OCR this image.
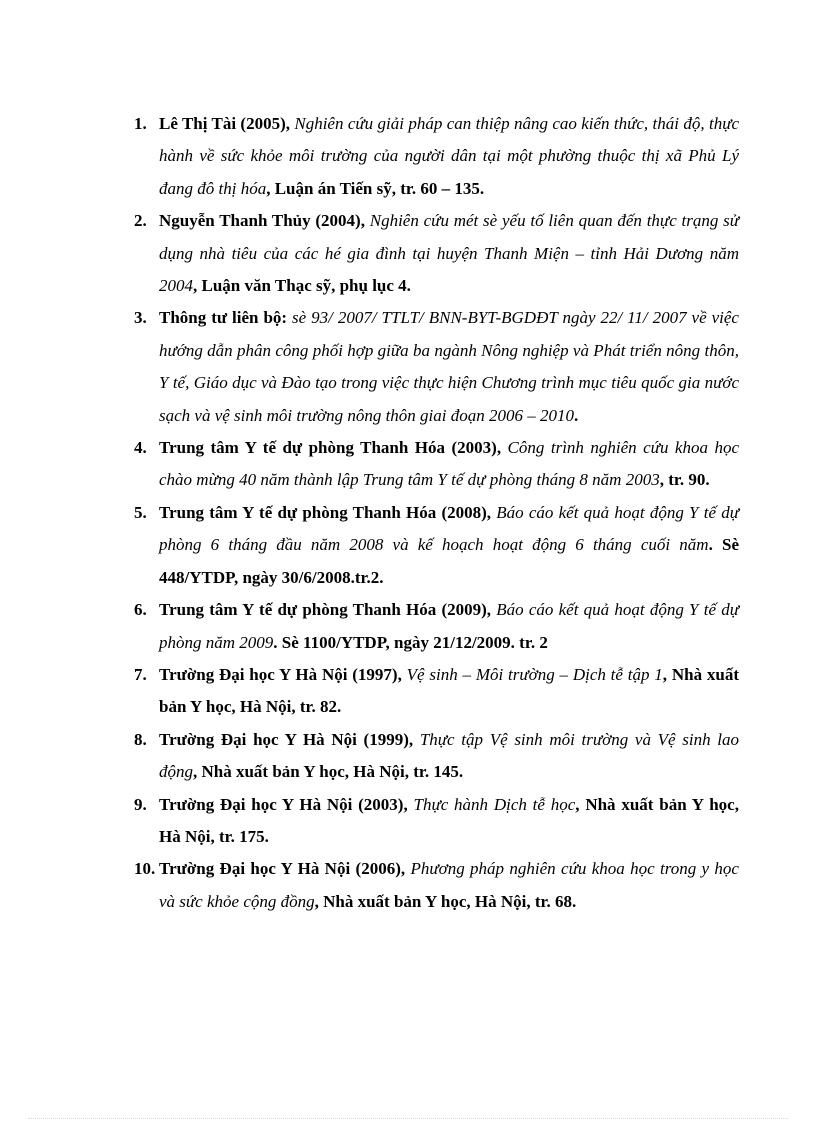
1. Lê Thị Tài (2005), Nghiên cứu giải pháp can thiệp nâng cao kiến thức, thái độ, thực hành về sức khỏe môi trường của người dân tại một phường thuộc thị xã Phủ Lý đang đô thị hóa, Luận án Tiến sỹ, tr. 60 – 135.
2. Nguyễn Thanh Thủy (2004), Nghiên cứu mét sè yếu tố liên quan đến thực trạng sử dụng nhà tiêu của các hé gia đình tại huyện Thanh Miện – tỉnh Hải Dương năm 2004, Luận văn Thạc sỹ, phụ lục 4.
3. Thông tư liên bộ: sè 93/ 2007/ TTLT/ BNN-BYT-BGDĐT ngày 22/ 11/ 2007 về việc hướng dẫn phân công phối hợp giữa ba ngành Nông nghiệp và Phát triển nông thôn, Y tế, Giáo dục và Đào tạo trong việc thực hiện Chương trình mục tiêu quốc gia nước sạch và vệ sinh môi trường nông thôn giai đoạn 2006 – 2010.
4. Trung tâm Y tế dự phòng Thanh Hóa (2003), Công trình nghiên cứu khoa học chào mừng 40 năm thành lập Trung tâm Y tế dự phòng tháng 8 năm 2003, tr. 90.
5. Trung tâm Y tế dự phòng Thanh Hóa (2008), Báo cáo kết quả hoạt động Y tế dự phòng 6 tháng đầu năm 2008 và kế hoạch hoạt động 6 tháng cuối năm. Sè 448/YTDP, ngày 30/6/2008.tr.2.
6. Trung tâm Y tế dự phòng Thanh Hóa (2009), Báo cáo kết quả hoạt động Y tế dự phòng năm 2009. Sè 1100/YTDP, ngày 21/12/2009. tr. 2
7. Trường Đại học Y Hà Nội (1997), Vệ sinh – Môi trường – Dịch tễ tập 1, Nhà xuất bản Y học, Hà Nội, tr. 82.
8. Trường Đại học Y Hà Nội (1999), Thực tập Vệ sinh môi trường và Vệ sinh lao động, Nhà xuất bản Y học, Hà Nội, tr. 145.
9. Trường Đại học Y Hà Nội (2003), Thực hành Dịch tễ học, Nhà xuất bản Y học, Hà Nội, tr. 175.
10. Trường Đại học Y Hà Nội (2006), Phương pháp nghiên cứu khoa học trong y học và sức khỏe cộng đồng, Nhà xuất bản Y học, Hà Nội, tr. 68.
